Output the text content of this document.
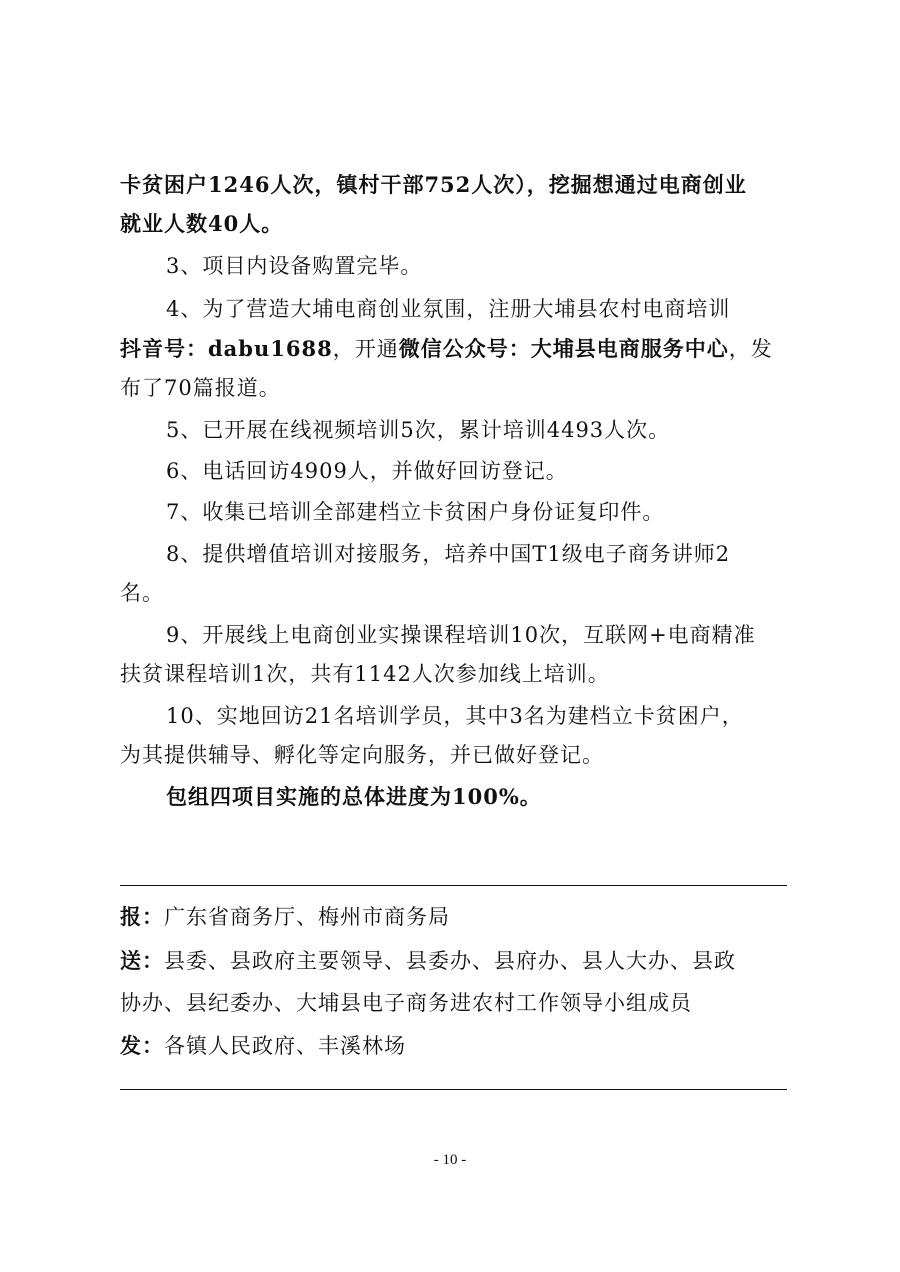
卡贫困户1246人次，镇村干部752人次），挖掘想通过电商创业
就业人数40人。
3、项目内设备购置完毕。
4、为了营造大埔电商创业氛围，注册大埔县农村电商培训
抖音号：dabu1688，开通微信公众号：大埔县电商服务中心，发
布了70篇报道。
5、已开展在线视频培训5次，累计培训4493人次。
6、电话回访4909人，并做好回访登记。
7、收集已培训全部建档立卡贫困户身份证复印件。
8、提供增值培训对接服务，培养中国T1级电子商务讲师2
名。
9、开展线上电商创业实操课程培训10次，互联网+电商精准
扶贫课程培训1次，共有1142人次参加线上培训。
10、实地回访21名培训学员，其中3名为建档立卡贫困户，
为其提供辅导、孵化等定向服务，并已做好登记。
包组四项目实施的总体进度为100%。
报：广东省商务厅、梅州市商务局
送：县委、县政府主要领导、县委办、县府办、县人大办、县政
协办、县纪委办、大埔县电子商务进农村工作领导小组成员
发：各镇人民政府、丰溪林场
- 10 -
